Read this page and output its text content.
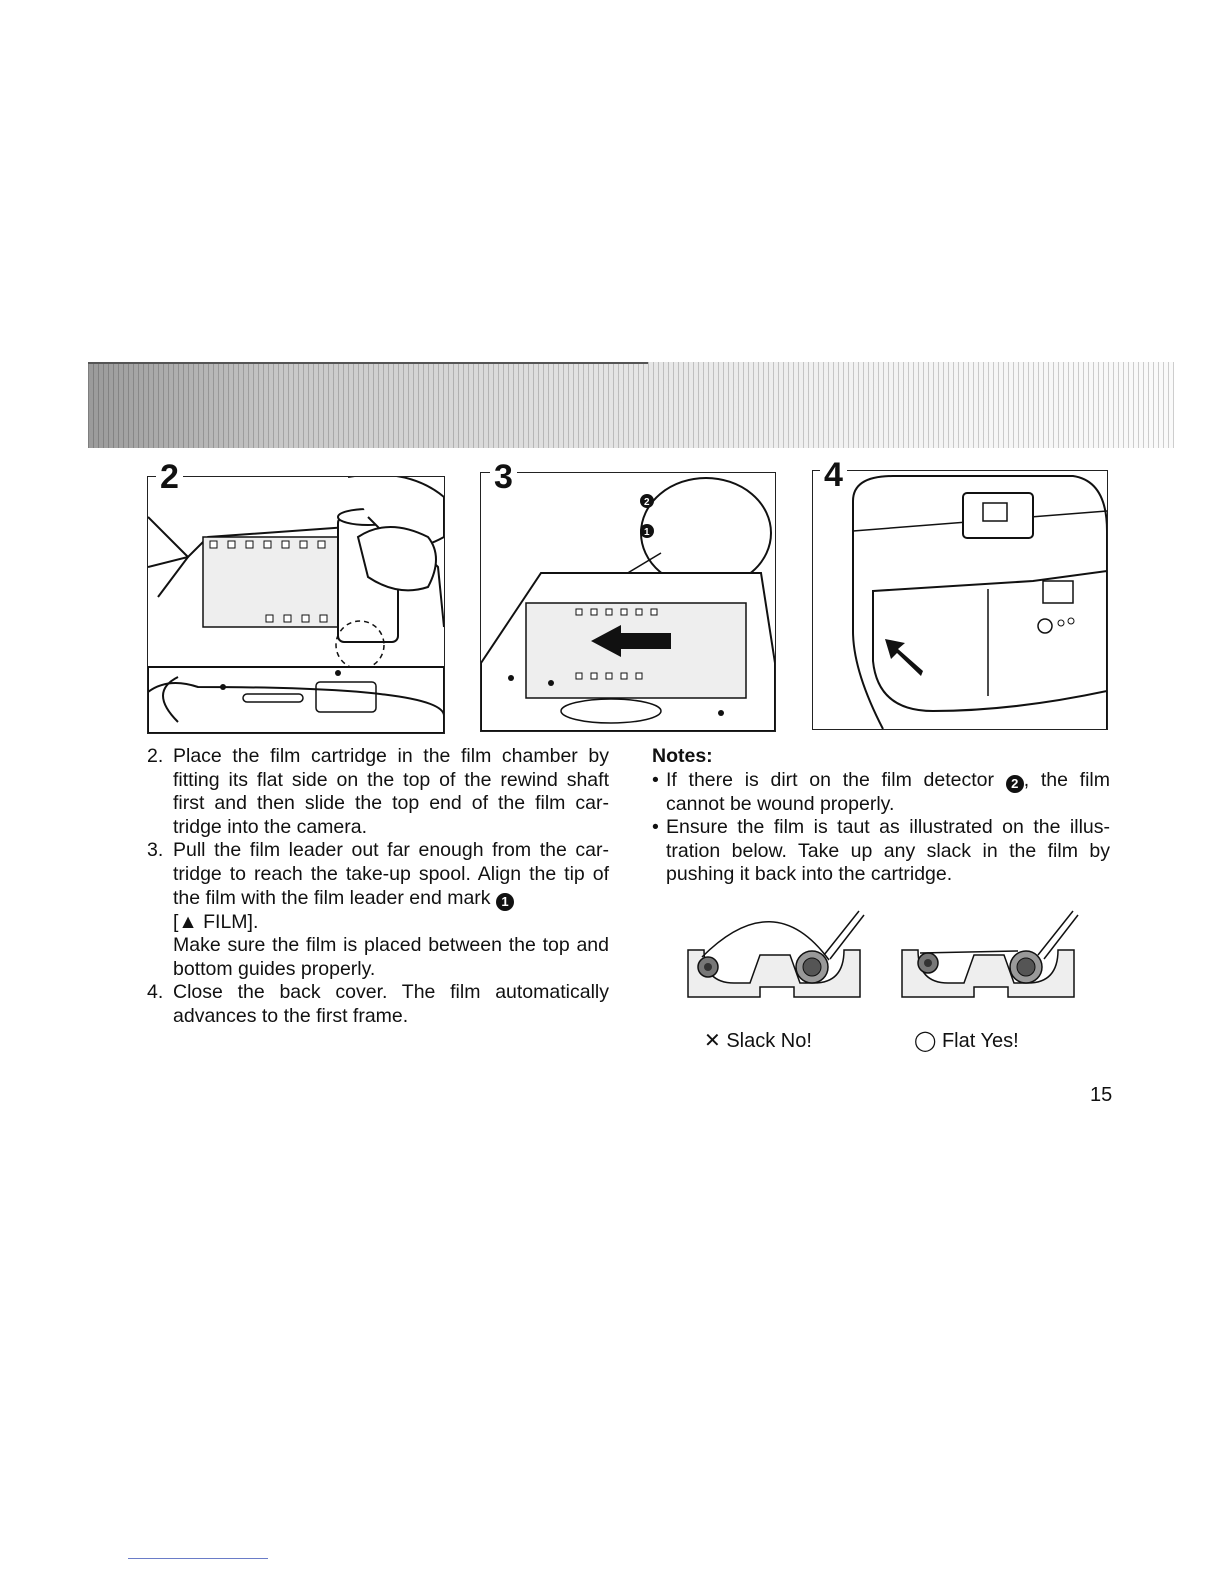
2
2
1
3	4
2. Place the film cartridge in the film chamber by fitting its flat side on the top of the rewind shaft first and then slide the top end of the film car- tridge into the camera.
3. Pull the film leader out far enough from the car- tridge to reach the take-up spool. Align the tip of the film with the film leader end mark 1
[▲ FILM].

Make sure the film is placed between the top and bottom guides properly.

4. Close the back cover. The film automatically advances to the first frame.

Notes:

• If there is dirt on the film detector 2 , the film cannot be wound properly.
• Ensure the film is taut as illustrated on the illus- tration below. Take up any slack in the film by pushing it back into the cartridge.
✕ Slack No!	◯ Flat Yes!
15
